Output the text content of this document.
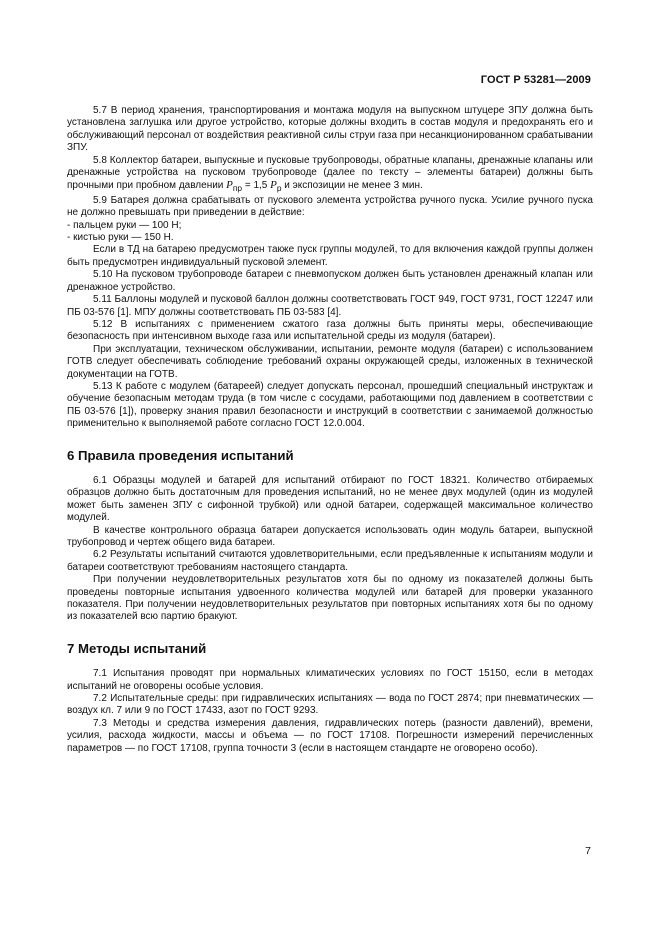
ГОСТ Р 53281—2009

5.7 В период хранения, транспортирования и монтажа модуля на выпускном штуцере ЗПУ должна быть установлена заглушка или другое устройство, которые должны входить в состав модуля и предохранять его и обслуживающий персонал от воздействия реактивной силы струи газа при несанкционированном срабатывании ЗПУ.

5.8 Коллектор батареи, выпускные и пусковые трубопроводы, обратные клапаны, дренажные клапаны или дренажные устройства на пусковом трубопроводе (далее по тексту – элементы батареи) должны быть прочными при пробном давлении $Р_{пр} = 1,5$ $Р_р$ и экспозиции не менее 3 мин.

5.9 Батарея должна срабатывать от пускового элемента устройства ручного пуска. Усилие ручного пуска не должно превышать при приведении в действие:

- пальцем руки — 100 Н;

- кистью руки — 150 Н.

Если в ТД на батарею предусмотрен также пуск группы модулей, то для включения каждой группы должен быть предусмотрен индивидуальный пусковой элемент.

5.10 На пусковом трубопроводе батареи с пневмопуском должен быть установлен дренажный клапан или дренажное устройство.

5.11 Баллоны модулей и пусковой баллон должны соответствовать ГОСТ 949, ГОСТ 9731, ГОСТ 12247 или ПБ 03-576 [1]. МПУ должны соответствовать ПБ 03-583 [4].

5.12 В испытаниях с применением сжатого газа должны быть приняты меры, обеспечивающие безопасность при интенсивном выходе газа или испытательной среды из модуля (батареи).

При эксплуатации, техническом обслуживании, испытании, ремонте модуля (батареи) с использованием ГОТВ следует обеспечивать соблюдение требований охраны окружающей среды, изложенных в технической документации на ГОТВ.

5.13 К работе с модулем (батареей) следует допускать персонал, прошедший специальный инструктаж и обучение безопасным методам труда (в том числе с сосудами, работающими под давлением в соответствии с ПБ 03-576 [1]), проверку знания правил безопасности и инструкций в соответствии с занимаемой должностью применительно к выполняемой работе согласно ГОСТ 12.0.004.

6 Правила проведения испытаний

6.1 Образцы модулей и батарей для испытаний отбирают по ГОСТ 18321. Количество отбираемых образцов должно быть достаточным для проведения испытаний, но не менее двух модулей (один из модулей может быть заменен ЗПУ с сифонной трубкой) или одной батареи, содержащей максимальное количество модулей.

В качестве контрольного образца батареи допускается использовать один модуль батареи, выпускной трубопровод и чертеж общего вида батареи.

6.2 Результаты испытаний считаются удовлетворительными, если предъявленные к испытаниям модули и батареи соответствуют требованиям настоящего стандарта.

При получении неудовлетворительных результатов хотя бы по одному из показателей должны быть проведены повторные испытания удвоенного количества модулей или батарей для проверки указанного показателя. При получении неудовлетворительных результатов при повторных испытаниях хотя бы по одному из показателей всю партию бракуют.

7 Методы испытаний

7.1 Испытания проводят при нормальных климатических условиях по ГОСТ 15150, если в методах испытаний не оговорены особые условия.

7.2 Испытательные среды: при гидравлических испытаниях — вода по ГОСТ 2874; при пневматических — воздух кл. 7 или 9 по ГОСТ 17433, азот по ГОСТ 9293.

7.3 Методы и средства измерения давления, гидравлических потерь (разности давлений), времени, усилия, расхода жидкости, массы и объема — по ГОСТ 17108. Погрешности измерений перечисленных параметров — по ГОСТ 17108, группа точности 3 (если в настоящем стандарте не оговорено особо).

7
